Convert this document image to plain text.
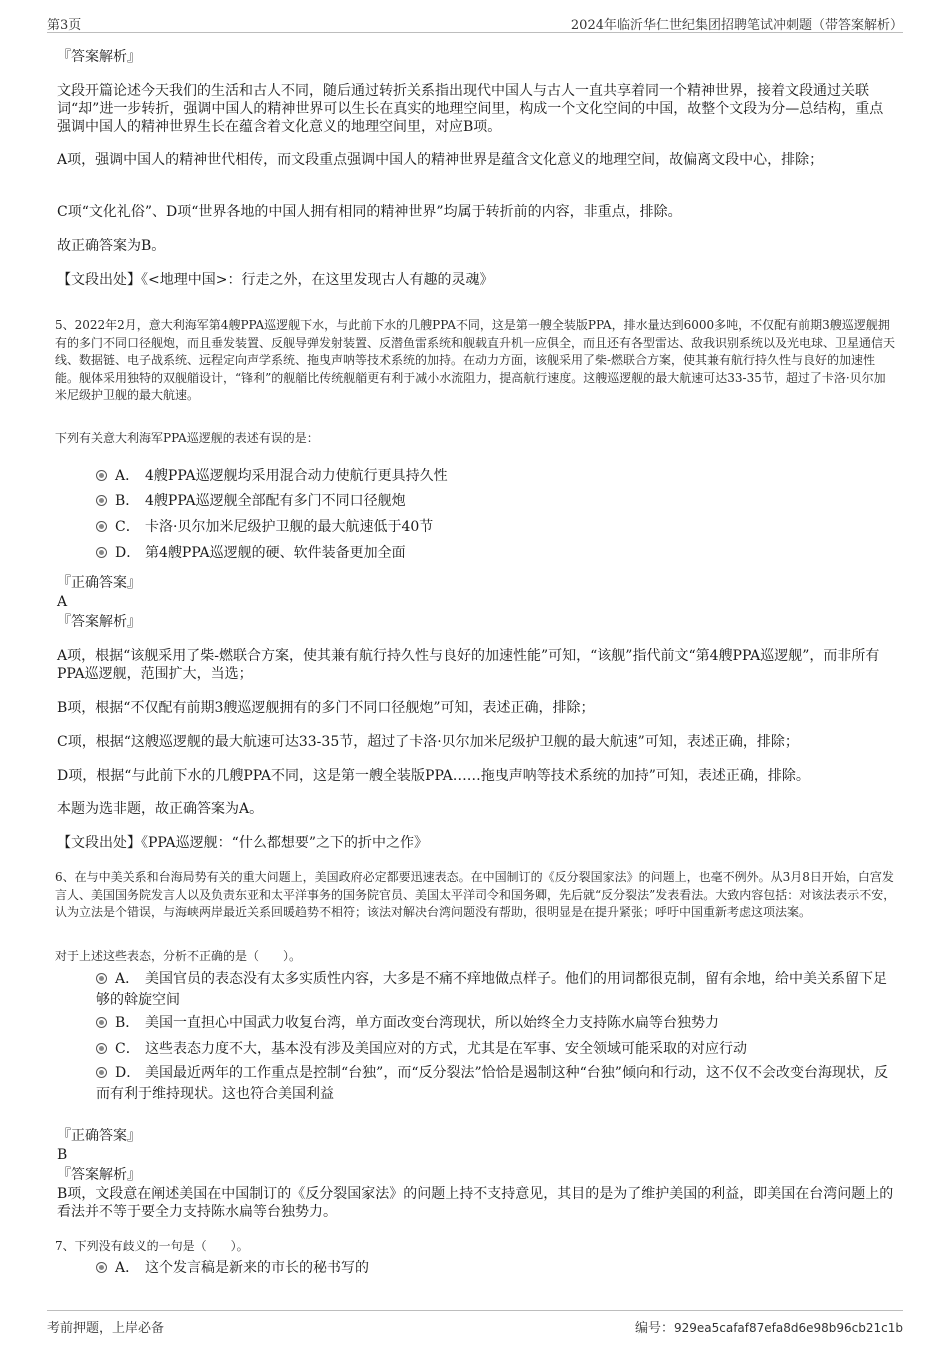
第3页	2024年临沂华仁世纪集团招聘笔试冲刺题（带答案解析）
『答案解析』
文段开篇论述今天我们的生活和古人不同，随后通过转折关系指出现代中国人与古人一直共享着同一个精神世界，接着文段通过关联词“却”进一步转折，强调中国人的精神世界可以生长在真实的地理空间里，构成一个文化空间的中国，故整个文段为分—总结构，重点强调中国人的精神世界生长在蕴含着文化意义的地理空间里，对应B项。
A项，强调中国人的精神世代相传，而文段重点强调中国人的精神世界是蕴含文化意义的地理空间，故偏离文段中心，排除；
C项“文化礼俗”、D项“世界各地的中国人拥有相同的精神世界”均属于转折前的内容，非重点，排除。
故正确答案为B。
【文段出处】《<地理中国>：行走之外，在这里发现古人有趣的灵魂》
5、2022年2月，意大利海军第4艘PPA巡逻舰下水，与此前下水的几艘PPA不同，这是第一艘全装版PPA，排水量达到6000多吨，不仅配有前期3艘巡逻舰拥有的多门不同口径舰炮，而且垂发装置、反舰导弹发射装置、反潜鱼雷系统和舰载直升机一应俱全，而且还有各型雷达、敌我识别系统以及光电球、卫星通信天线、数据链、电子战系统、远程定向声学系统、拖曳声呐等技术系统的加持。在动力方面，该舰采用了柴-燃联合方案，使其兼有航行持久性与良好的加速性能。舰体采用独特的双舰艏设计，“锋利”的舰艏比传统舰艏更有利于减小水流阻力，提高航行速度。这艘巡逻舰的最大航速可达33-35节，超过了卡洛·贝尔加米尼级护卫舰的最大航速。
下列有关意大利海军PPA巡逻舰的表述有误的是：
A． 4艘PPA巡逻舰均采用混合动力使航行更具持久性
B． 4艘PPA巡逻舰全部配有多门不同口径舰炮
C． 卡洛·贝尔加米尼级护卫舰的最大航速低于40节
D． 第4艘PPA巡逻舰的硬、软件装备更加全面
『正确答案』
A
『答案解析』
A项，根据“该舰采用了柴-燃联合方案，使其兼有航行持久性与良好的加速性能”可知，“该舰”指代前文“第4艘PPA巡逻舰”，而非所有PPA巡逻舰，范围扩大，当选；
B项，根据“不仅配有前期3艘巡逻舰拥有的多门不同口径舰炮”可知，表述正确，排除；
C项，根据“这艘巡逻舰的最大航速可达33-35节，超过了卡洛·贝尔加米尼级护卫舰的最大航速”可知，表述正确，排除；
D项，根据“与此前下水的几艘PPA不同，这是第一艘全装版PPA……拖曳声呐等技术系统的加持”可知，表述正确，排除。
本题为选非题，故正确答案为A。
【文段出处】《PPA巡逻舰：“什么都想要”之下的折中之作》
6、在与中美关系和台海局势有关的重大问题上，美国政府必定都要迅速表态。在中国制订的《反分裂国家法》的问题上，也毫不例外。从3月8日开始，白宫发言人、美国国务院发言人以及负责东亚和太平洋事务的国务院官员、美国太平洋司令和国务卿，先后就“反分裂法”发表看法。大致内容包括：对该法表示不安，认为立法是个错误，与海峡两岸最近关系回暖趋势不相符；该法对解决台湾问题没有帮助，很明显是在提升紧张；呼吁中国重新考虑这项法案。
对于上述这些表态，分析不正确的是（　　）。
A． 美国官员的表态没有太多实质性内容，大多是不痛不痒地做点样子。他们的用词都很克制，留有余地，给中美关系留下足够的斡旋空间
B． 美国一直担心中国武力收复台湾，单方面改变台湾现状，所以始终全力支持陈水扁等台独势力
C． 这些表态力度不大，基本没有涉及美国应对的方式，尤其是在军事、安全领域可能采取的对应行动
D． 美国最近两年的工作重点是控制“台独”，而“反分裂法”恰恰是遏制这种“台独”倾向和行动，这不仅不会改变台海现状，反而有利于维持现状。这也符合美国利益
『正确答案』
B
『答案解析』
B项，文段意在阐述美国在中国制订的《反分裂国家法》的问题上持不支持意见，其目的是为了维护美国的利益，即美国在台湾问题上的看法并不等于要全力支持陈水扁等台独势力。
7、下列没有歧义的一句是（　　）。
A． 这个发言稿是新来的市长的秘书写的
考前押题，上岸必备	编号：929ea5cafaf87efa8d6e98b96cb21c1b
